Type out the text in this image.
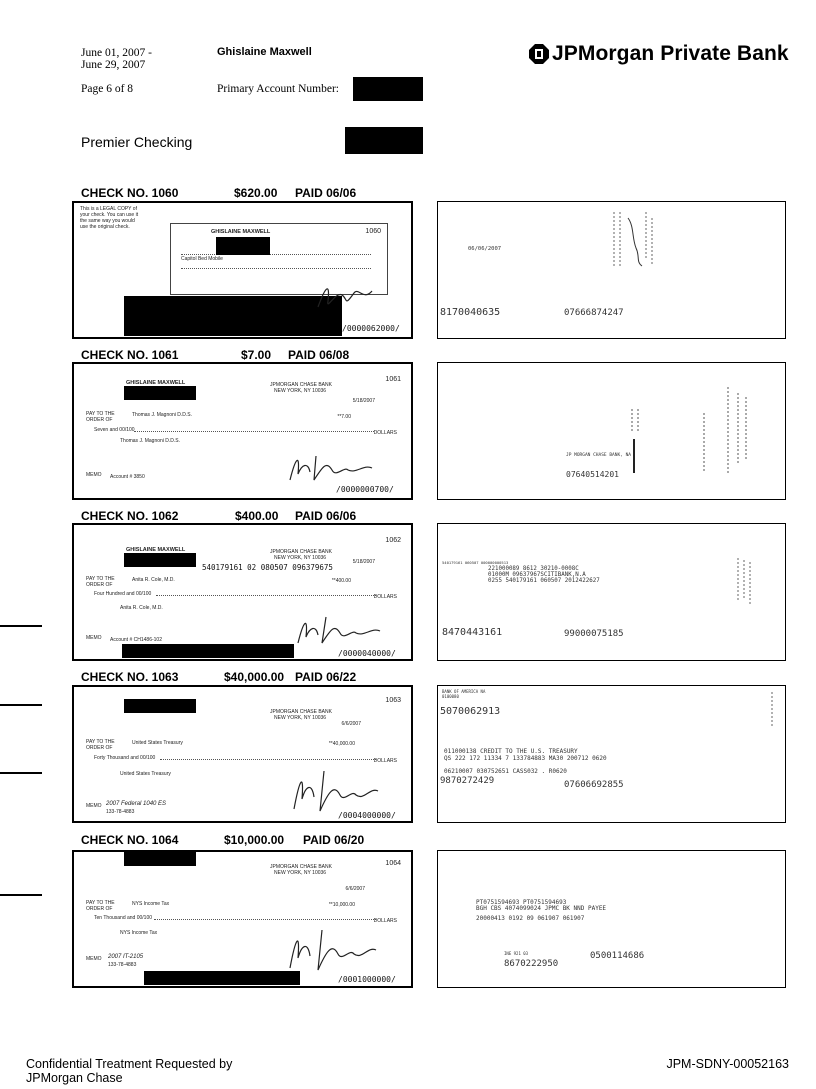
June 01, 2007 -
June 29, 2007
Ghislaine Maxwell
Page 6 of 8	Primary Account Number:
JPMorgan Private Bank
Premier Checking
CHECK NO. 1060	$620.00 PAID 06/06
This is a LEGAL COPY of your check. You can use it the same way you would use the original check.
GHISLAINE MAXWELL	1060
Capitol Bed Mobile
/0000062000/
06/06/2007
8170040635	07666874247
CHECK NO. 1061	$7.00 PAID 06/08
GHISLAINE MAXWELL	JPMORGAN CHASE BANK
NEW YORK, NY 10036
1061
5/18/2007
PAY TO THE
ORDER OF
Thomas J. Magnoni D.D.S.	**7.00
Seven and 00/100	DOLLARS
Thomas J. Magnoni D.D.S.
MEMO Account # 3850
/0000000700/
JP MORGAN CHASE BANK, NA
07640514201
CHECK NO. 1062	$400.00 PAID 06/06
GHISLAINE MAXWELL	JPMORGAN CHASE BANK
NEW YORK, NY 10036
1062
5/18/2007
540179161 02 080507 096379675
PAY TO THE
ORDER OF
Anita R. Cole, M.D.	**400.00
Four Hundred and 00/100	DOLLARS
Anita R. Cole, M.D.
MEMO Account # CH1486-102
/0000040000/
540179161 060507 000000000513
221000089 8612 30210-0008C
01000M 09637967SCITIBANK,N.A
0255 540179161 060507 2012422627
8470443161	99000075185
CHECK NO. 1063	$40,000.00 PAID 06/22
JPMORGAN CHASE BANK
NEW YORK, NY 10036
1063
6/6/2007
PAY TO THE
ORDER OF
United States Treasury	**40,000.00
Forty Thousand and 00/100	DOLLARS
United States Treasury
MEMO 2007 Federal 1040 ES
133-78-4883	/0004000000/
BANK OF AMERICA NA
0100080
5070062913
011000138 CREDIT TO THE U.S. TREASURY
QS 222 172 11334 7 133784883 MA30 200712 0620
06210007 030752651 CASS032 . R0620
9870272429	07606692855
CHECK NO. 1064	$10,000.00 PAID 06/20
JPMORGAN CHASE BANK
NEW YORK, NY 10036
1064
6/6/2007
PAY TO THE
ORDER OF
NYS Income Tax	**10,000.00
Ten Thousand and 00/100	DOLLARS
NYS Income Tax
MEMO 2007 IT-2105
133-78-4883
/0001000000/
PT0751594693 PT0751594693
BGH CBS 4074099024 JPMC BK NND PAYEE
20000413 0192 09 061907 061907
INE 921 03
8670222950
0500114686
Confidential Treatment Requested by
JPMorgan Chase
JPM-SDNY-00052163
